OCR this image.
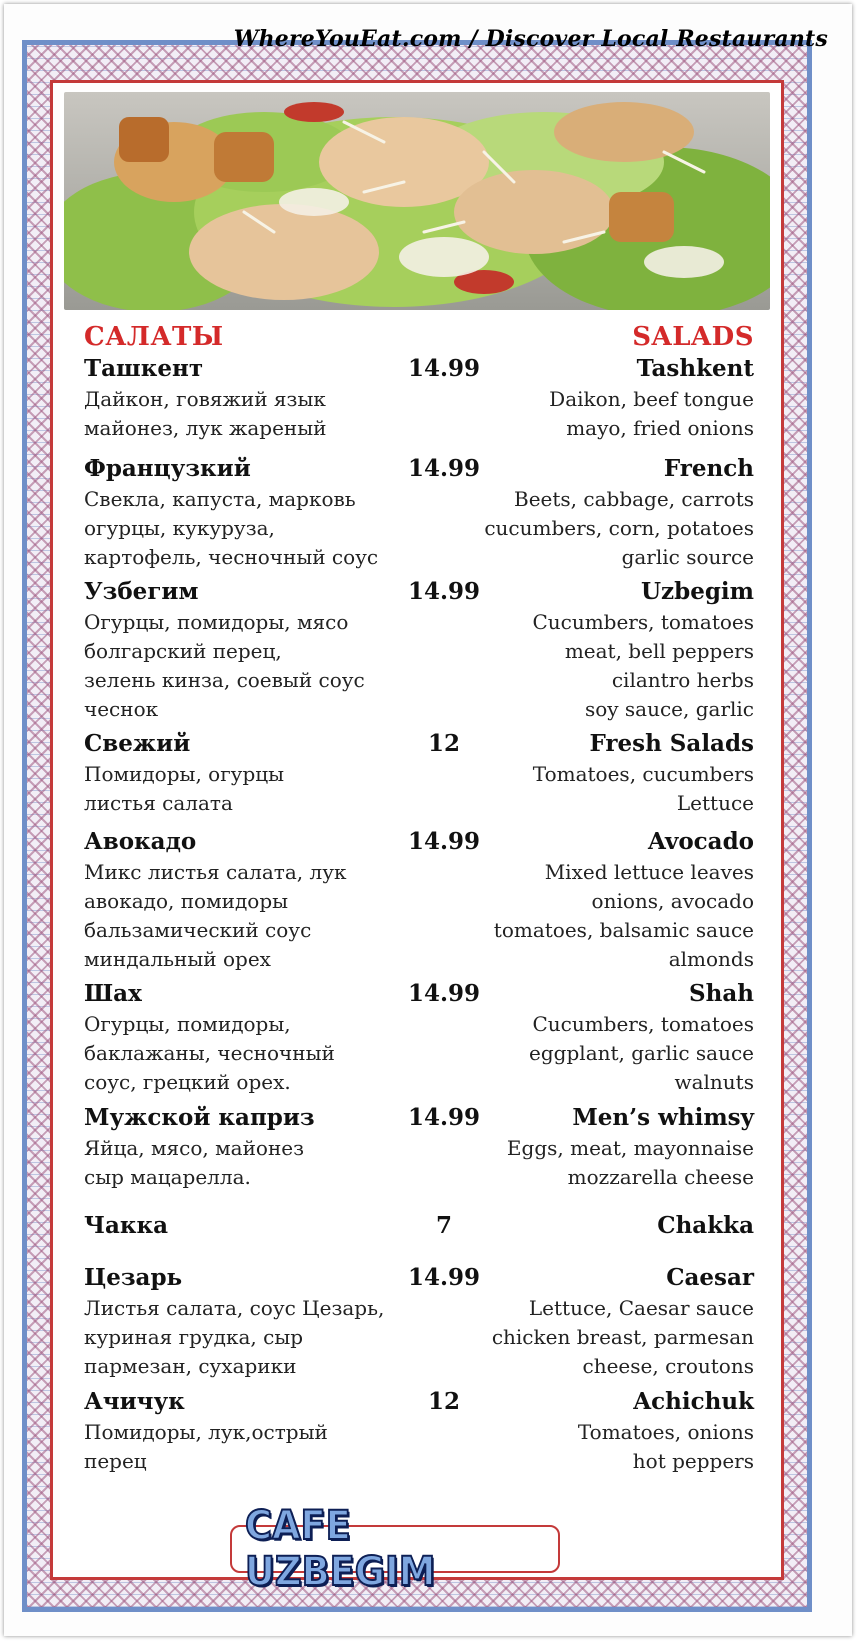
WhereYouEat.com / Discover Local Restaurants
САЛАТЫ	SALADS
Ташкент	14.99	Tashkent
Дайкон, говяжий язык
майонез, лук жареный
Daikon, beef tongue
mayo, fried onions
Французкий	14.99	French
Свекла, капуста, марковь
огурцы, кукуруза,
картофель, чесночный соус
Beets, cabbage, carrots
cucumbers, corn, potatoes
garlic source
Узбегим	14.99	Uzbegim
Огурцы, помидоры, мясо
болгарский перец,
зелень кинза, соевый соус
чеснок
Cucumbers, tomatoes
meat, bell peppers
cilantro herbs
soy sauce, garlic
Свежий	12	Fresh Salads
Помидоры, огурцы
листья салата
Tomatoes, cucumbers
Lettuce
Авокадо	14.99	Avocado
Микс листья салата, лук
авокадо, помидоры
бальзамический соус
миндальный орех
Mixed lettuce leaves
onions, avocado
tomatoes, balsamic sauce
almonds
Шах	14.99	Shah
Огурцы, помидоры,
баклажаны, чесночный
соус, грецкий орех.
Cucumbers, tomatoes
eggplant, garlic sauce
walnuts
Мужской каприз	14.99	Men’s whimsy
Яйца, мясо, майонез
сыр мацарелла.
Eggs, meat, mayonnaise
mozzarella cheese
Чакка	7	Chakka
Цезарь	14.99	Caesar
Листья салата, соус Цезарь,
куриная грудка, сыр
пармезан, сухарики
Lettuce, Caesar sauce
chicken breast, parmesan
cheese, croutons
Ачичук	12	Achichuk
Помидоры, лук,острый
перец
Tomatoes, onions
hot peppers
CAFE UZBEGIM
